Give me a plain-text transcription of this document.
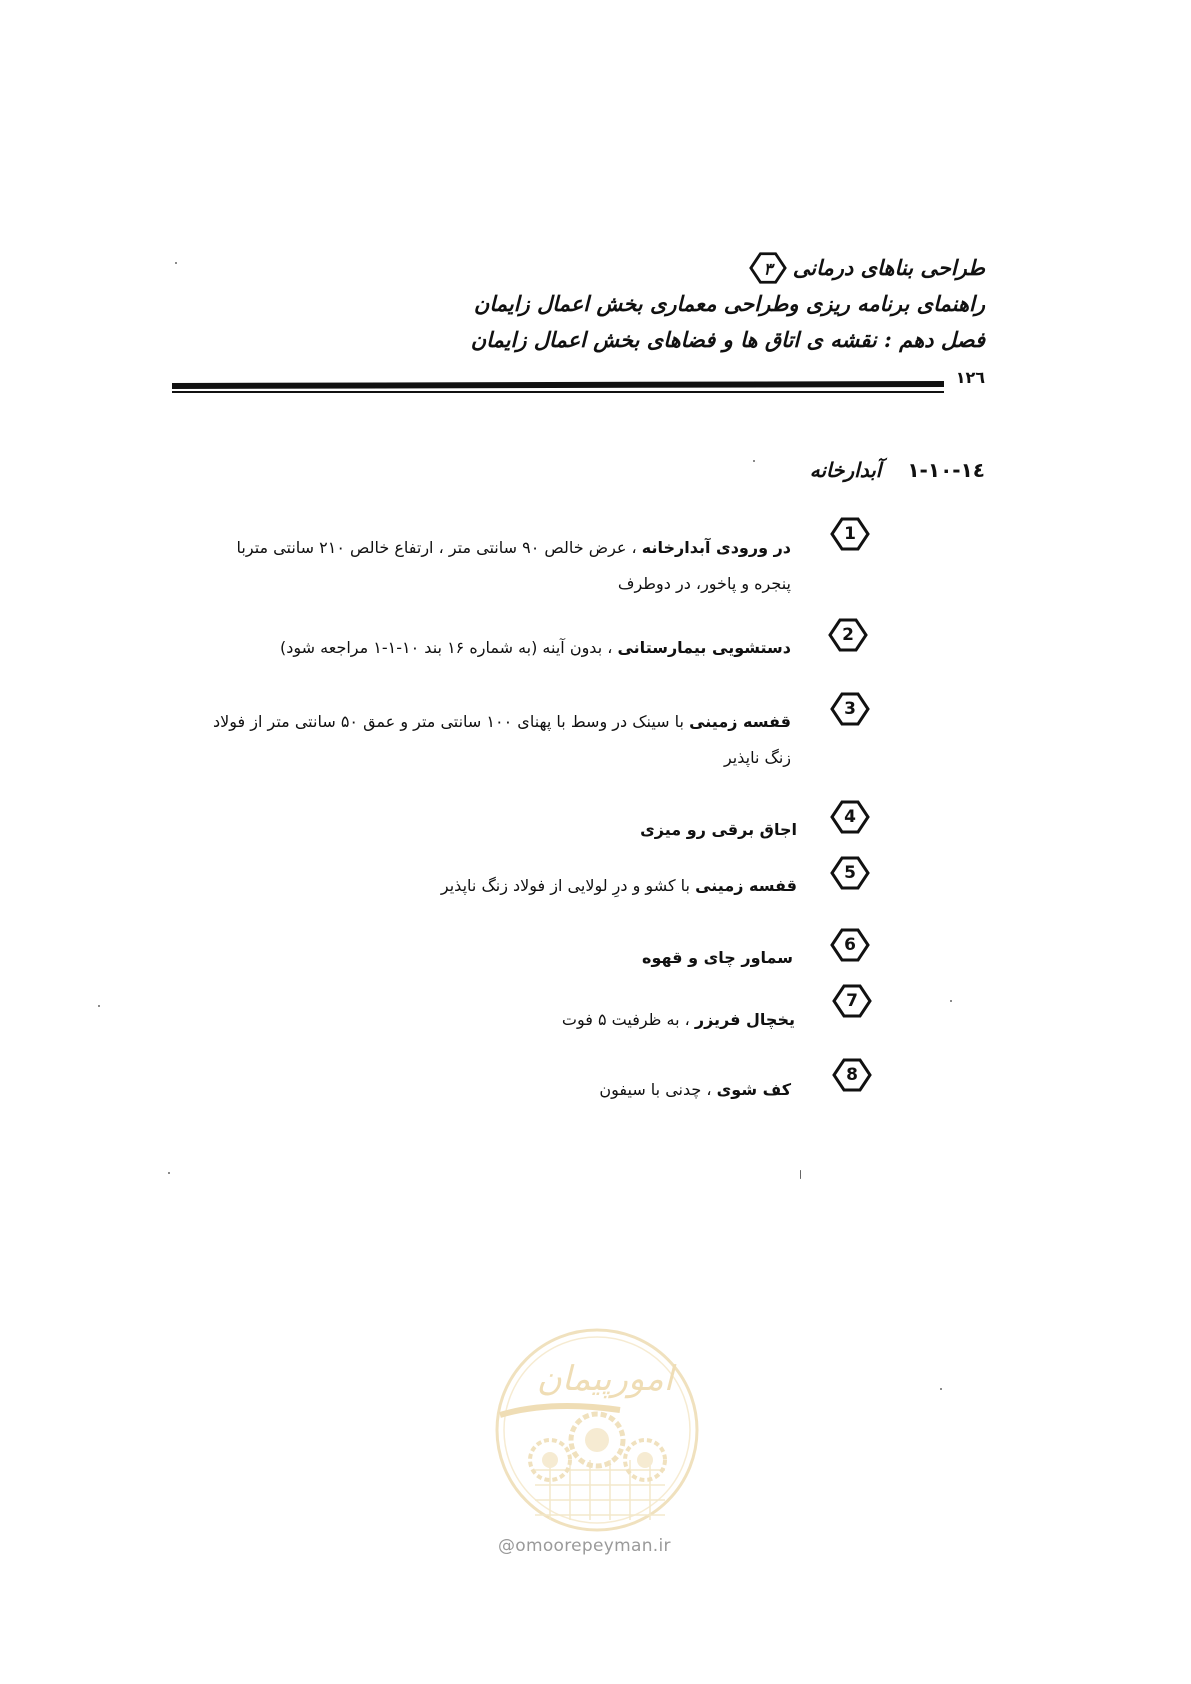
طراحی بناهای درمانی
۳
راهنمای برنامه ریزی وطراحی معماری بخش اعمال زایمان
فصل دهم : نقشه ی اتاق ها و فضاهای بخش اعمال زایمان
۱۲٦
۱۰-۱٤-۱
آبدارخانه
1
در ورودی آبدارخانه ، عرض خالص ۹۰ سانتی متر ، ارتفاع خالص ۲۱۰ سانتی متربا
پنجره و پاخور، در دوطرف
2
دستشویی بیمارستانی ، بدون آینه (به شماره ۱۶ بند ۱۰-۱-۱ مراجعه شود)
3
قفسه زمینی با سینک در وسط با پهنای ۱۰۰ سانتی متر و عمق ۵۰ سانتی متر از فولاد
زنگ ناپذیر
4
اجاق برقی رو میزی
5
قفسه زمینی با کشو و درِ لولایی از فولاد زنگ ناپذیر
6
سماور چای و قهوه
7
یخچال فریزر ، به ظرفیت ۵ فوت
8
کف شوی ، چدنی با سیفون
امورپیمان
@omoorepeyman.ir
